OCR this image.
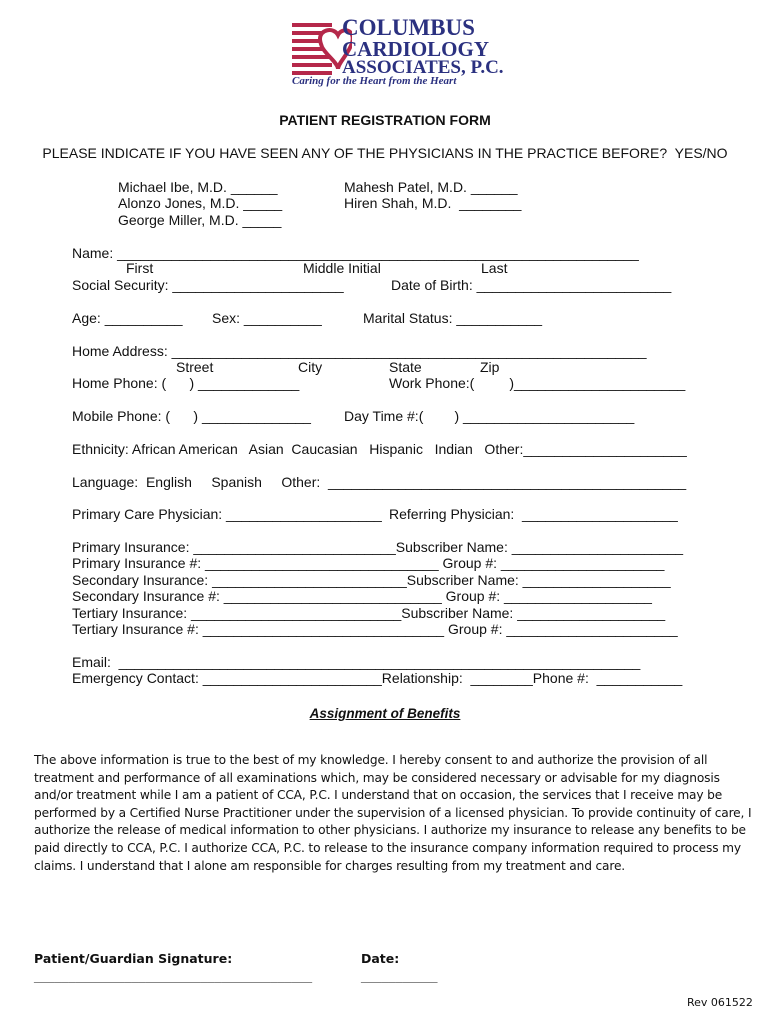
COLUMBUS
CARDIOLOGY
ASSOCIATES, P.C.
Caring for the Heart from the Heart
PATIENT REGISTRATION FORM
PLEASE INDICATE IF YOU HAVE SEEN ANY OF THE PHYSICIANS IN THE PRACTICE BEFORE?  YES/NO
Michael Ibe, M.D. ______
Alonzo Jones, M.D. _____
George Miller, M.D. _____
Mahesh Patel, M.D. ______
Hiren Shah, M.D.  ________
Name: ___________________________________________________________________
First	Middle Initial	Last
Social Security: ______________________	Date of Birth: _________________________
Age: __________ Sex: __________	Marital Status: ___________
Home Address: _____________________________________________________________
Street	City	State	Zip
Home Phone: (      ) _____________	Work Phone:(         )______________________
Mobile Phone: (      ) ______________ Day Time #:(        ) ______________________
Ethnicity: African American   Asian  Caucasian   Hispanic   Indian   Other:_____________________
Language:  English     Spanish     Other:  ______________________________________________
Primary Care Physician: ____________________ Referring Physician:  ____________________
Primary Insurance: __________________________Subscriber Name: ______________________
Primary Insurance #: ______________________________ Group #: _____________________
Secondary Insurance: _________________________Subscriber Name: ___________________
Secondary Insurance #: ____________________________ Group #: ___________________
Tertiary Insurance: ___________________________Subscriber Name: ___________________
Tertiary Insurance #: _______________________________ Group #: ______________________
Email:  ___________________________________________________________________
Emergency Contact: _______________________Relationship:  ________Phone #:  ___________
Assignment of Benefits

The above information is true to the best of my knowledge. I hereby consent to and authorize the provision of all

treatment and performance of all examinations which, may be considered necessary or advisable for my diagnosis

and/or treatment while I am a patient of CCA, P.C. I understand that on occasion, the services that I receive may be

performed by a Certified Nurse Practitioner under the supervision of a licensed physician. To provide continuity of care, I

authorize the release of medical information to other physicians. I authorize my insurance to release any benefits to be

paid directly to CCA, P.C. I authorize CCA, P.C. to release to the insurance company information required to process my

claims. I understand that I alone am responsible for charges resulting from my treatment and care.

Patient/Guardian Signature:
________________________________________
Date:
___________
Rev 061522
